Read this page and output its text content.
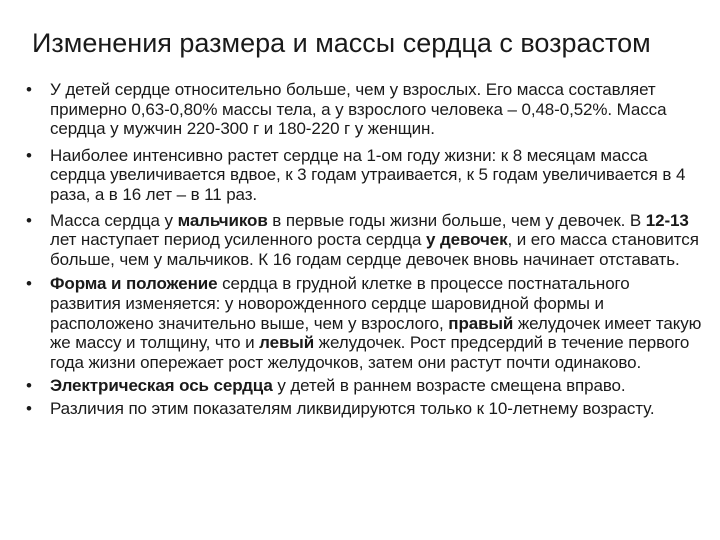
Изменения размера и массы сердца с возрастом
• У детей сердце относительно больше, чем у взрослых. Его масса составляет примерно 0,63-0,80% массы тела, а у взрослого человека – 0,48-0,52%. Масса сердца у мужчин 220-300 г и 180-220 г у женщин.
• Наиболее интенсивно растет сердце на 1-ом году жизни: к 8 месяцам масса сердца увеличивается вдвое, к 3 годам утраивается, к 5 годам увеличивается в 4 раза, а в 16 лет – в 11 раз.
• Масса сердца у мальчиков в первые годы жизни больше, чем у девочек. В 12-13 лет наступает период усиленного роста сердца у девочек, и его масса становится больше, чем у мальчиков. К 16 годам сердце девочек вновь начинает отставать.
• Форма и положение сердца в грудной клетке в процессе постнатального развития изменяется: у новорожденного сердце шаровидной формы и расположено значительно выше, чем у взрослого, правый желудочек имеет такую же массу и толщину, что и левый желудочек. Рост предсердий в течение первого года жизни опережает рост желудочков, затем они растут почти одинаково.
• Электрическая ось сердца у детей в раннем возрасте смещена вправо.
• Различия по этим показателям ликвидируются только к 10-летнему возрасту.
